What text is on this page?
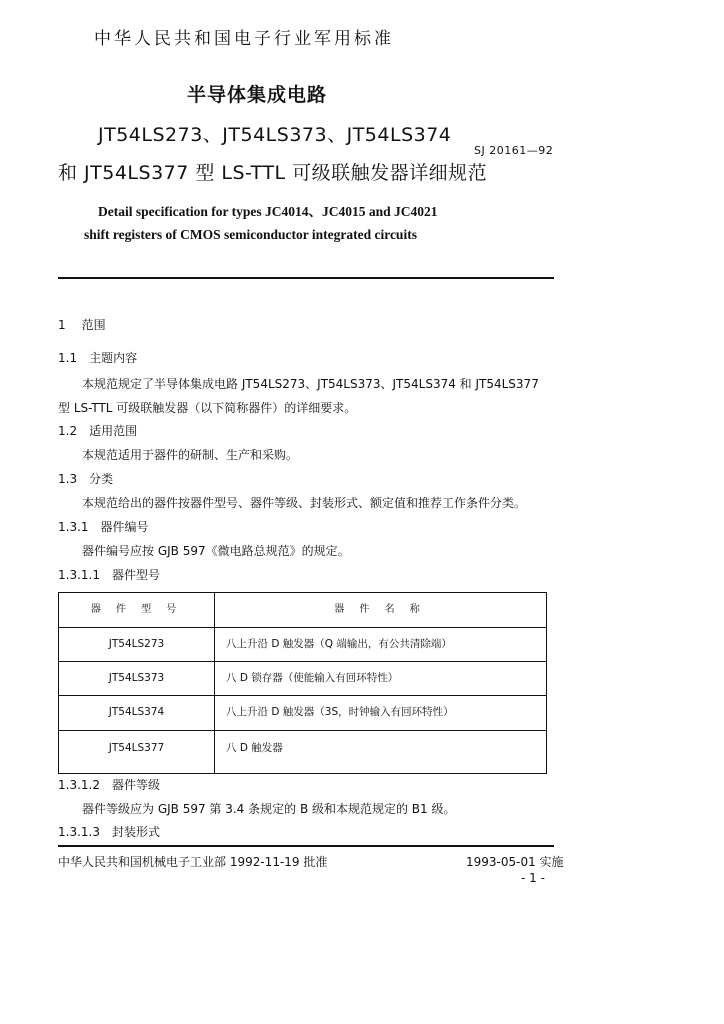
中华人民共和国电子行业军用标准
半导体集成电路
JT54LS273、JT54LS373、JT54LS374
SJ 20161—92
和 JT54LS377 型 LS-TTL 可级联触发器详细规范
Detail specification for types JC4014、JC4015 and JC4021
shift registers of CMOS semiconductor integrated circuits
1 范围
1.1 主题内容
本规范规定了半导体集成电路 JT54LS273、JT54LS373、JT54LS374 和 JT54LS377
型 LS-TTL 可级联触发器（以下简称器件）的详细要求。
1.2 适用范围
本规范适用于器件的研制、生产和采购。
1.3 分类
本规范给出的器件按器件型号、器件等级、封装形式、额定值和推荐工作条件分类。
1.3.1 器件编号
器件编号应按 GJB 597《微电路总规范》的规定。
1.3.1.1 器件型号
器 件 型 号	器 件 名 称
JT54LS273	八上升沿 D 触发器（Q 端输出，有公共清除端）
JT54LS373	八 D 锁存器（使能输入有回环特性）
JT54LS374	八上升沿 D 触发器（3S，时钟输入有回环特性）
JT54LS377	八 D 触发器
1.3.1.2 器件等级
器件等级应为 GJB 597 第 3.4 条规定的 B 级和本规范规定的 B1 级。
1.3.1.3 封装形式
中华人民共和国机械电子工业部 1992-11-19 批准	1993-05-01 实施
- 1 -
